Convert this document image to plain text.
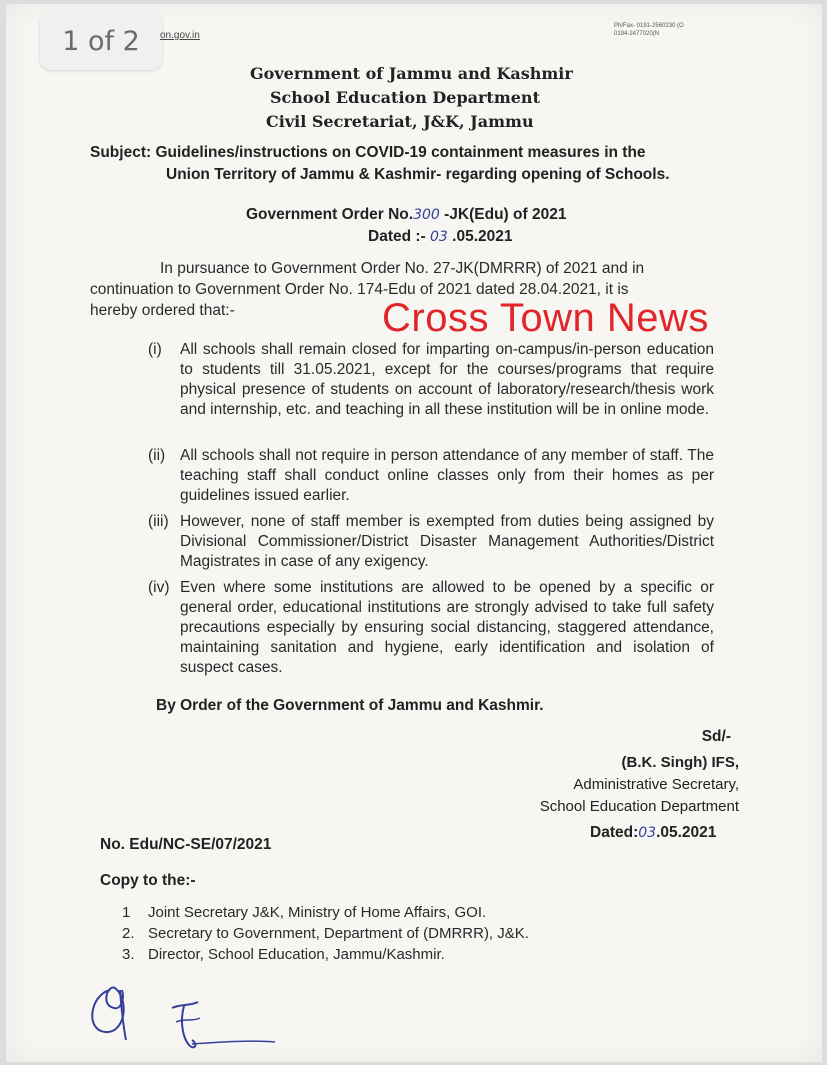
1 of 2 on.gov.in
Ph/Fax- 0191-2560230 (O
0194-2477020(N
Government of Jammu and Kashmir
School Education Department
Civil Secretariat, J&K, Jammu
Subject: Guidelines/instructions on COVID-19 containment measures in the
Union Territory of Jammu & Kashmir- regarding opening of Schools.
Government Order No.300 -JK(Edu) of 2021
Dated :- 03 .05.2021
In pursuance to Government Order No. 27-JK(DMRRR) of 2021 and in
continuation to Government Order No. 174-Edu of 2021 dated 28.04.2021, it is
hereby ordered that:-	Cross Town News
(i)	All schools shall remain closed for imparting on-campus/in-person education to students till 31.05.2021, except for the courses/programs that require physical presence of students on account of laboratory/research/thesis work and internship, etc. and teaching in all these institution will be in online mode.
(ii) All schools shall not require in person attendance of any member of staff. The teaching staff shall conduct online classes only from their homes as per guidelines issued earlier.
(iii) However, none of staff member is exempted from duties being assigned by Divisional Commissioner/District Disaster Management Authorities/District Magistrates in case of any exigency.
(iv) Even where some institutions are allowed to be opened by a specific or general order, educational institutions are strongly advised to take full safety precautions especially by ensuring social distancing, staggered attendance, maintaining sanitation and hygiene, early identification and isolation of suspect cases.
By Order of the Government of Jammu and Kashmir.
Sd/-
(B.K. Singh) IFS,
Administrative Secretary,
School Education Department
No. Edu/NC-SE/07/2021
Dated:03.05.2021
Copy to the:-
1 Joint Secretary J&K, Ministry of Home Affairs, GOI.
2. Secretary to Government, Department of (DMRRR), J&K.
3. Director, School Education, Jammu/Kashmir.
